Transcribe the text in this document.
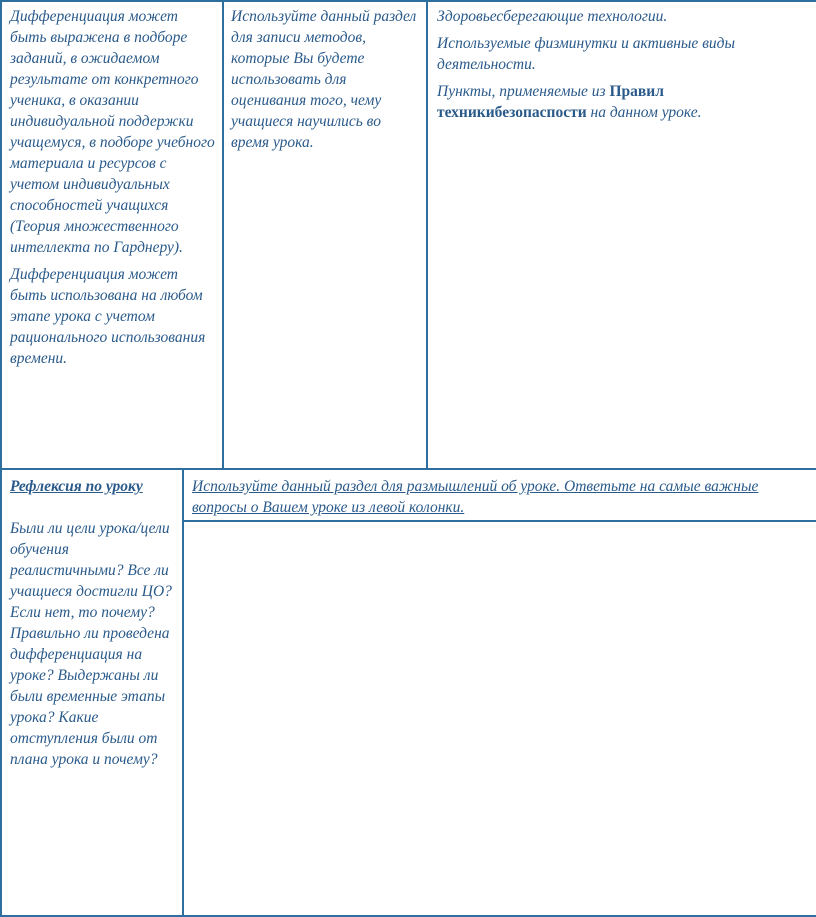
Дифференциация может быть выражена в подборе заданий, в ожидаемом результате от конкретного ученика, в оказании индивидуальной поддержки учащемуся, в подборе учебного материала и ресурсов с учетом индивидуальных способностей учащихся (Теория множественного интеллекта по Гарднеру).

Дифференциация может быть использована на любом этапе урока с учетом рационального использования времени.

Используйте данный раздел для записи методов, которые Вы будете использовать для оценивания того, чему учащиеся научились во время урока.

Здоровьесберегающие технологии.

Используемые физминутки и активные виды деятельности.

Пункты, применяемые из Правил техникибезопаспости на данном уроке.

Рефлексия по уроку

Были ли цели урока/цели обучения реалистичными? Все ли учащиеся достигли ЦО? Если нет, то почему? Правильно ли проведена дифференциация на уроке? Выдержаны ли были временные этапы урока? Какие отступления были от плана урока и почему?

Используйте данный раздел для размышлений об уроке. Ответьте на самые важные вопросы о Вашем уроке из левой колонки.
